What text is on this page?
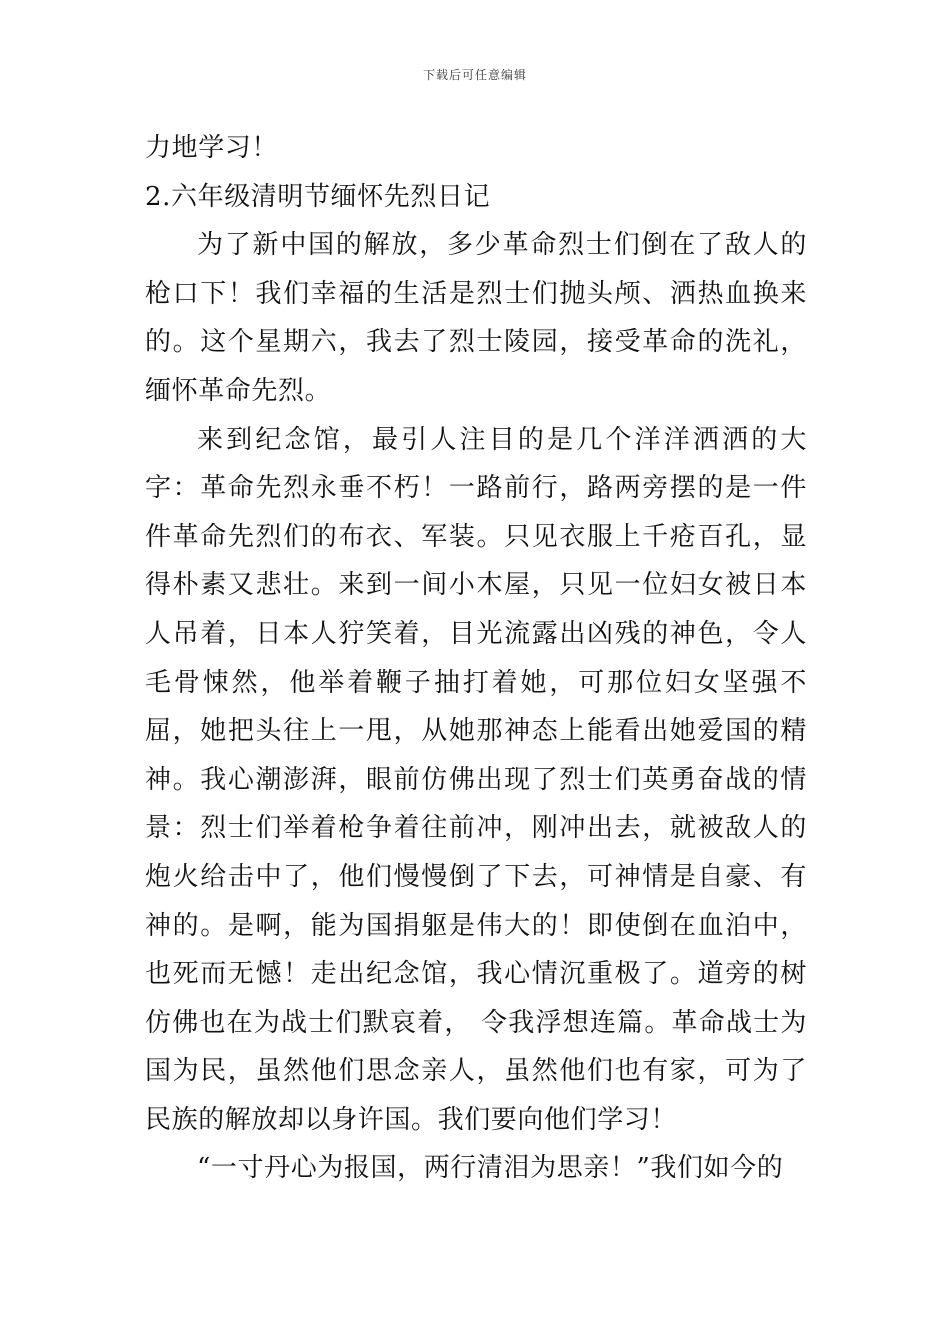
下载后可任意编辑
力地学习！
2.六年级清明节缅怀先烈日记

为了新中国的解放，多少革命烈士们倒在了敌人的枪口下！我们幸福的生活是烈士们抛头颅、洒热血换来的。这个星期六，我去了烈士陵园，接受革命的洗礼，缅怀革命先烈。

来到纪念馆，最引人注目的是几个洋洋洒洒的大字：革命先烈永垂不朽！一路前行，路两旁摆的是一件件革命先烈们的布衣、军装。只见衣服上千疮百孔，显得朴素又悲壮。来到一间小木屋，只见一位妇女被日本人吊着，日本人狞笑着，目光流露出凶残的神色，令人毛骨悚然，他举着鞭子抽打着她，可那位妇女坚强不屈，她把头往上一甩，从她那神态上能看出她爱国的精神。我心潮澎湃，眼前仿佛出现了烈士们英勇奋战的情景：烈士们举着枪争着往前冲，刚冲出去，就被敌人的炮火给击中了，他们慢慢倒了下去，可神情是自豪、有神的。是啊，能为国捐躯是伟大的！即使倒在血泊中，也死而无憾！走出纪念馆，我心情沉重极了。道旁的树仿佛也在为战士们默哀着， 令我浮想连篇。革命战士为国为民，虽然他们思念亲人，虽然他们也有家，可为了民族的解放却以身许国。我们要向他们学习！

“一寸丹心为报国，两行清泪为思亲！”我们如今的
